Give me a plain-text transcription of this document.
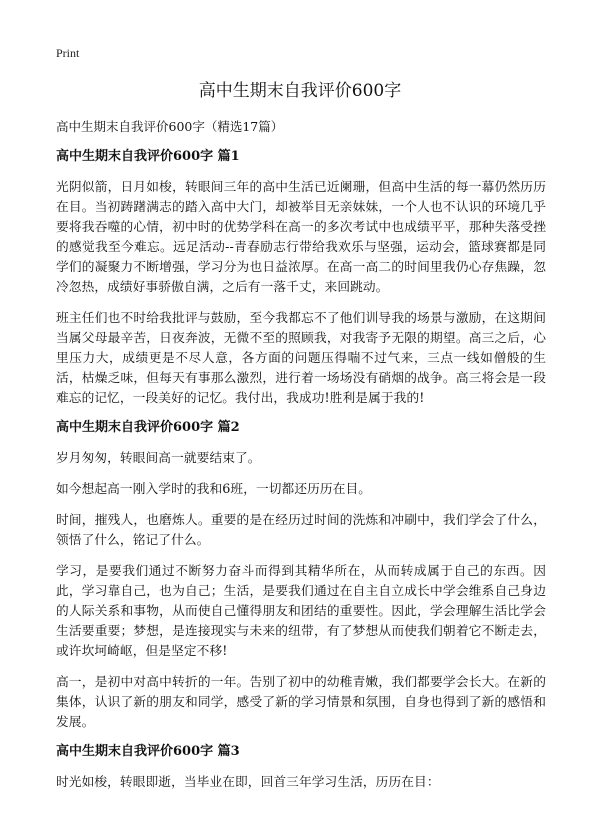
Print
高中生期末自我评价600字

高中生期末自我评价600字（精选17篇）

高中生期末自我评价600字 篇1

光阴似箭，日月如梭，转眼间三年的高中生活已近阑珊，但高中生活的每一幕仍然历历在目。当初踌躇满志的踏入高中大门，却被举目无亲妹妹，一个人也不认识的环境几乎要将我吞噬的心情，初中时的优势学科在高一的多次考试中也成绩平平，那种失落受挫的感觉我至今难忘。远足活动--青春励志行带给我欢乐与坚强，运动会，篮球赛都是同学们的凝聚力不断增强，学习分为也日益浓厚。在高一高二的时间里我仍心存焦躁，忽冷忽热，成绩好事骄傲自满，之后有一落千丈，来回跳动。

班主任们也不时给我批评与鼓励，至今我都忘不了他们训导我的场景与激励，在这期间当属父母最辛苦，日夜奔波，无微不至的照顾我，对我寄予无限的期望。高三之后，心里压力大，成绩更是不尽人意，各方面的问题压得喘不过气来，三点一线如僧般的生活，枯燥乏味，但每天有事那么激烈，进行着一场场没有硝烟的战争。高三将会是一段难忘的记忆，一段美好的记忆。我付出，我成功!胜利是属于我的!

高中生期末自我评价600字 篇2

岁月匆匆，转眼间高一就要结束了。

如今想起高一刚入学时的我和6班，一切都还历历在目。

时间，摧残人，也磨炼人。重要的是在经历过时间的洗炼和冲刷中，我们学会了什么，领悟了什么，铭记了什么。

学习，是要我们通过不断努力奋斗而得到其精华所在，从而转成属于自己的东西。因此，学习靠自己，也为自己；生活，是要我们通过在自主自立成长中学会维系自己身边的人际关系和事物，从而使自己懂得朋友和团结的重要性。因此，学会理解生活比学会生活要重要；梦想，是连接现实与未来的纽带，有了梦想从而使我们朝着它不断走去，或许坎坷崎岖，但是坚定不移!

高一，是初中对高中转折的一年。告别了初中的幼稚青嫩，我们都要学会长大。在新的集体，认识了新的朋友和同学，感受了新的学习情景和氛围，自身也得到了新的感悟和发展。

高中生期末自我评价600字 篇3

时光如梭，转眼即逝，当毕业在即，回首三年学习生活，历历在目：
